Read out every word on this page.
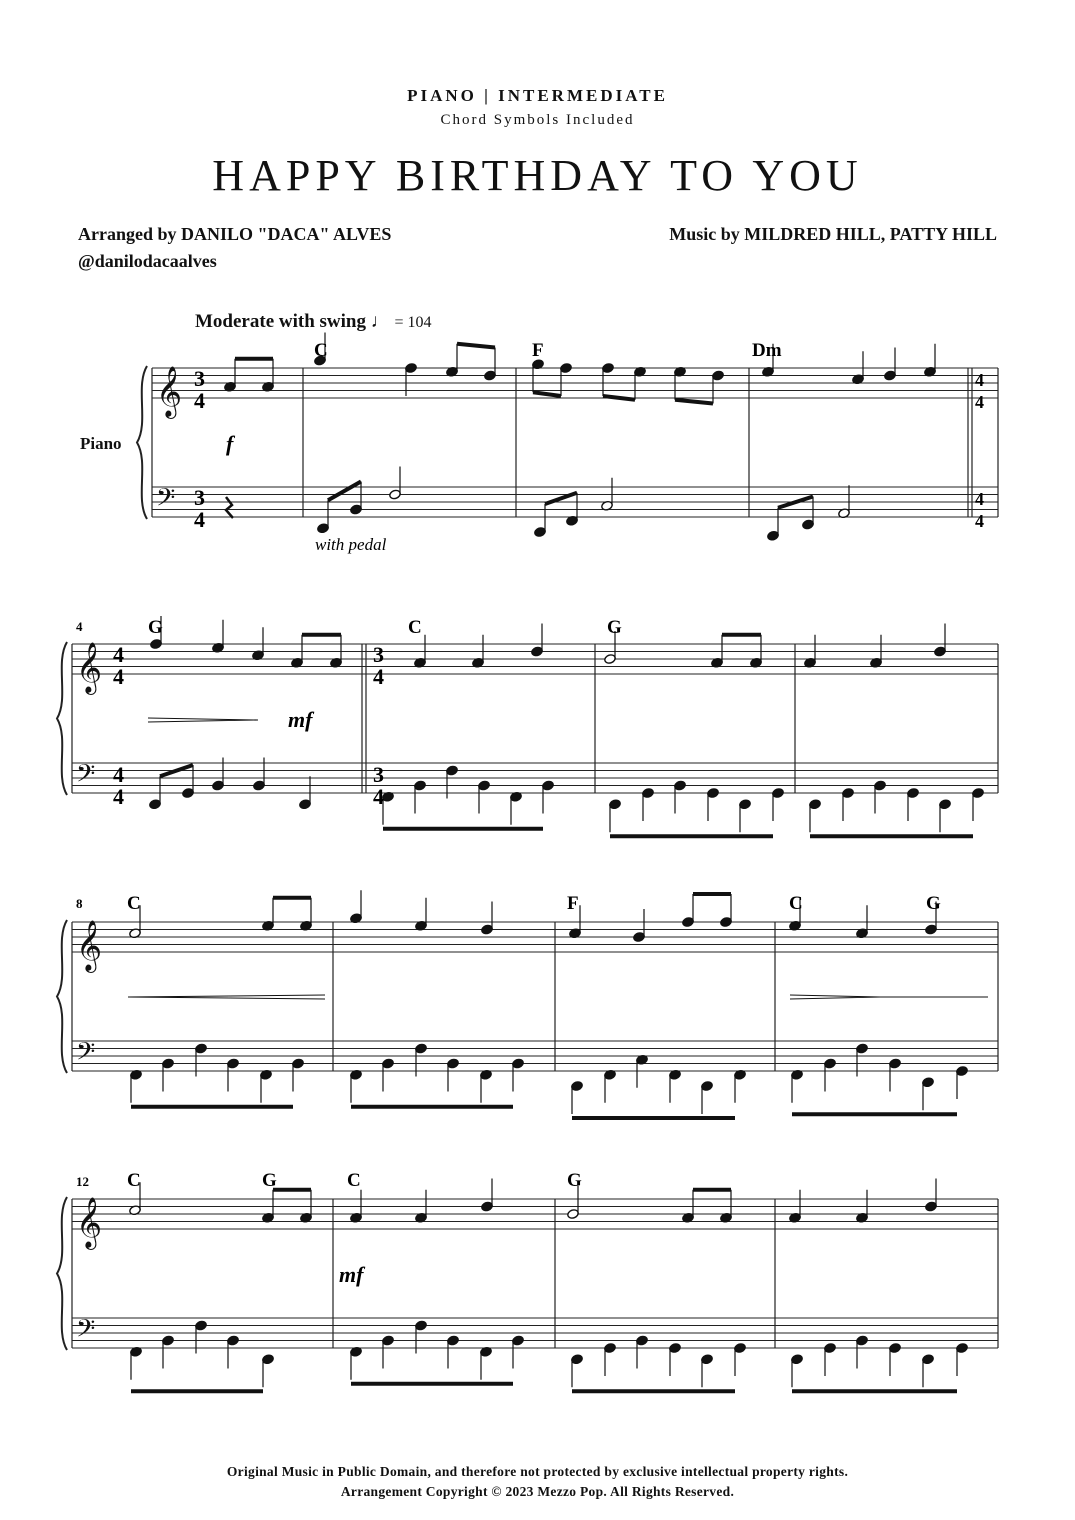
PIANO | INTERMEDIATE
Chord Symbols Included
HAPPY BIRTHDAY TO YOU
Arranged by DANILO "DACA" ALVES
@danilodacaalves
Music by MILDRED HILL, PATTY HILL
Moderate with swing ♩ = 104
Piano
𝄞
𝄢
𝄞
𝄢
𝄞
𝄢
𝄞
𝄢
C	F	Dm
G	C	G
C	F	C	G
C	G	C	G
4
8
12
3
4
3
4
4
4
4
4
4
4
4
4
3
4
3
4
f
mf
mf
with pedal
Original Music in Public Domain, and therefore not protected by exclusive intellectual property rights.
Arrangement Copyright © 2023 Mezzo Pop. All Rights Reserved.
